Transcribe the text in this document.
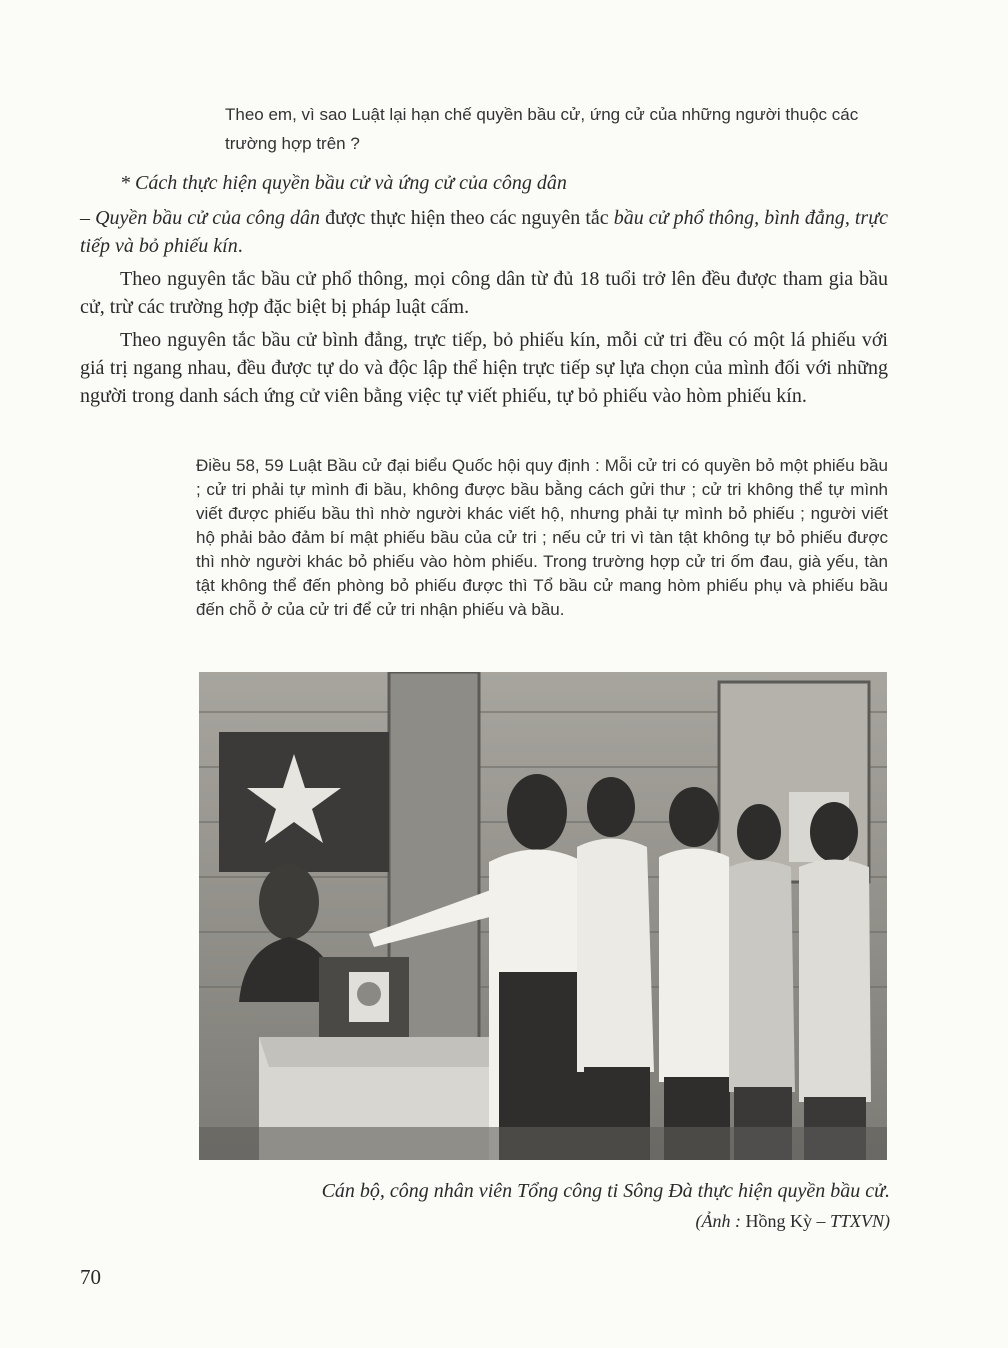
Theo em, vì sao Luật lại hạn chế quyền bầu cử, ứng cử của những người thuộc các trường hợp trên ?
* Cách thực hiện quyền bầu cử và ứng cử của công dân
– Quyền bầu cử của công dân được thực hiện theo các nguyên tắc bầu cử phổ thông, bình đẳng, trực tiếp và bỏ phiếu kín.
Theo nguyên tắc bầu cử phổ thông, mọi công dân từ đủ 18 tuổi trở lên đều được tham gia bầu cử, trừ các trường hợp đặc biệt bị pháp luật cấm.
Theo nguyên tắc bầu cử bình đẳng, trực tiếp, bỏ phiếu kín, mỗi cử tri đều có một lá phiếu với giá trị ngang nhau, đều được tự do và độc lập thể hiện trực tiếp sự lựa chọn của mình đối với những người trong danh sách ứng cử viên bằng việc tự viết phiếu, tự bỏ phiếu vào hòm phiếu kín.
Điều 58, 59 Luật Bầu cử đại biểu Quốc hội quy định : Mỗi cử tri có quyền bỏ một phiếu bầu ; cử tri phải tự mình đi bầu, không được bầu bằng cách gửi thư ; cử tri không thể tự mình viết được phiếu bầu thì nhờ người khác viết hộ, nhưng phải tự mình bỏ phiếu ; người viết hộ phải bảo đảm bí mật phiếu bầu của cử tri ; nếu cử tri vì tàn tật không tự bỏ phiếu được thì nhờ người khác bỏ phiếu vào hòm phiếu. Trong trường hợp cử tri ốm đau, già yếu, tàn tật không thể đến phòng bỏ phiếu được thì Tổ bầu cử mang hòm phiếu phụ và phiếu bầu đến chỗ ở của cử tri để cử tri nhận phiếu và bầu.
Cán bộ, công nhân viên Tổng công ti Sông Đà thực hiện quyền bầu cử.
(Ảnh : Hồng Kỳ – TTXVN)
70
